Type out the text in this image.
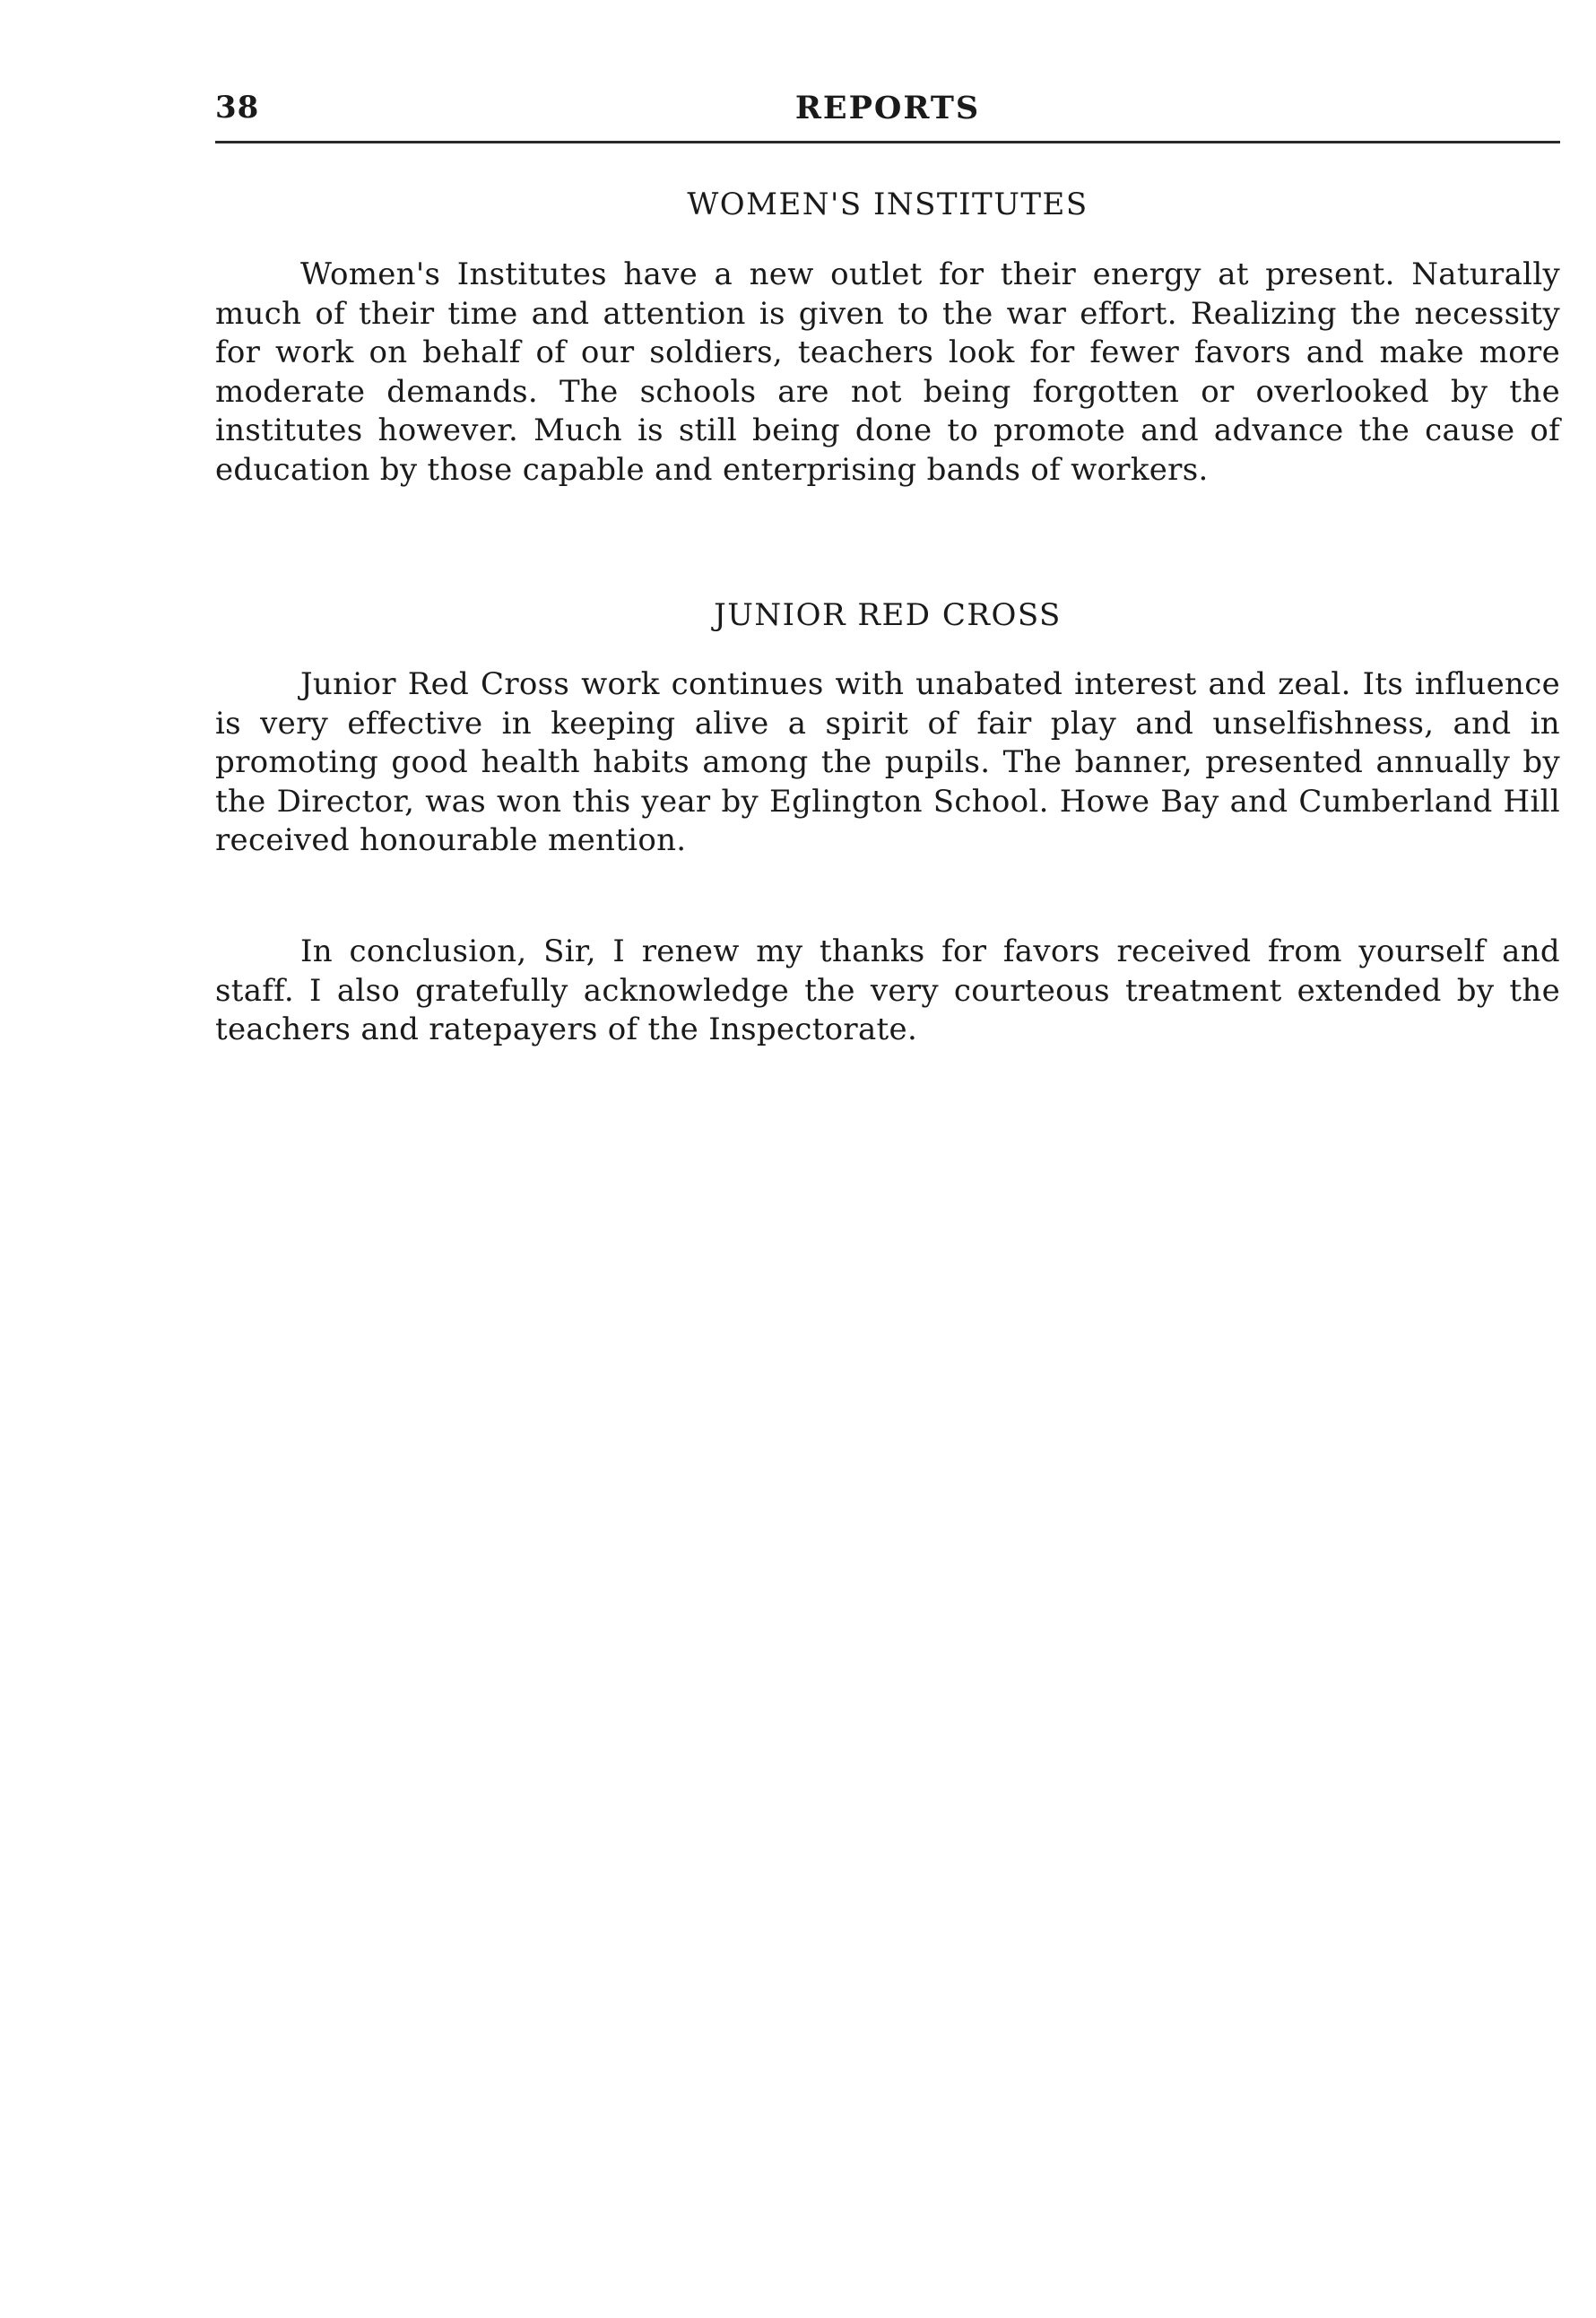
38	REPORTS
WOMEN'S INSTITUTES

Women's Institutes have a new outlet for their energy at present. Naturally much of their time and attention is given to the war effort. Realizing the necessity for work on behalf of our soldiers, teachers look for fewer favors and make more moderate demands. The schools are not being forgotten or overlooked by the institutes however. Much is still being done to promote and advance the cause of education by those capable and enterprising bands of workers.

JUNIOR RED CROSS

Junior Red Cross work continues with unabated interest and zeal. Its influence is very effective in keeping alive a spirit of fair play and unselfishness, and in promoting good health habits among the pupils. The banner, presented annually by the Director, was won this year by Eglington School. Howe Bay and Cumberland Hill received honourable mention.

In conclusion, Sir, I renew my thanks for favors received from yourself and staff. I also gratefully acknowledge the very courteous treatment extended by the teachers and ratepayers of the Inspectorate.
